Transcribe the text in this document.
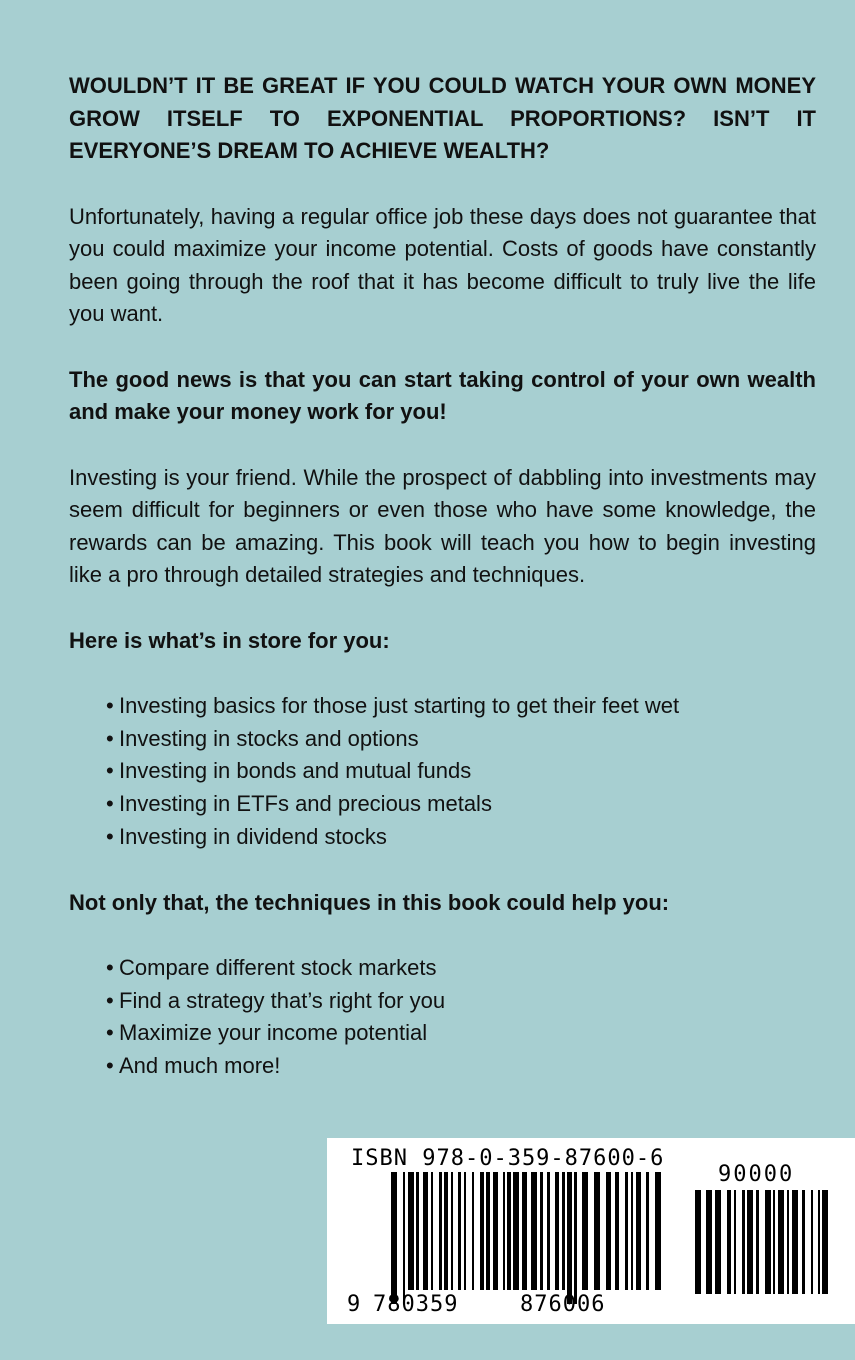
WOULDN’T IT BE GREAT IF YOU COULD WATCH YOUR OWN MONEY GROW ITSELF TO EXPONENTIAL PROPORTIONS? ISN’T IT EVERYONE’S DREAM TO ACHIEVE WEALTH?

Unfortunately, having a regular office job these days does not guarantee that you could maximize your income potential. Costs of goods have constantly been going through the roof that it has become difficult to truly live the life you want.

The good news is that you can start taking control of your own wealth and make your money work for you!

Investing is your friend. While the prospect of dabbling into investments may seem difficult for beginners or even those who have some knowledge, the rewards can be amazing. This book will teach you how to begin investing like a pro through detailed strategies and techniques.

Here is what’s in store for you:

• Investing basics for those just starting to get their feet wet
• Investing in stocks and options
• Investing in bonds and mutual funds
• Investing in ETFs and precious metals
• Investing in dividend stocks

Not only that, the techniques in this book could help you:

• Compare different stock markets
• Find a strategy that’s right for you
• Maximize your income potential
• And much more!
ISBN 978-0-359-87600-6
90000
9 780359	876006
